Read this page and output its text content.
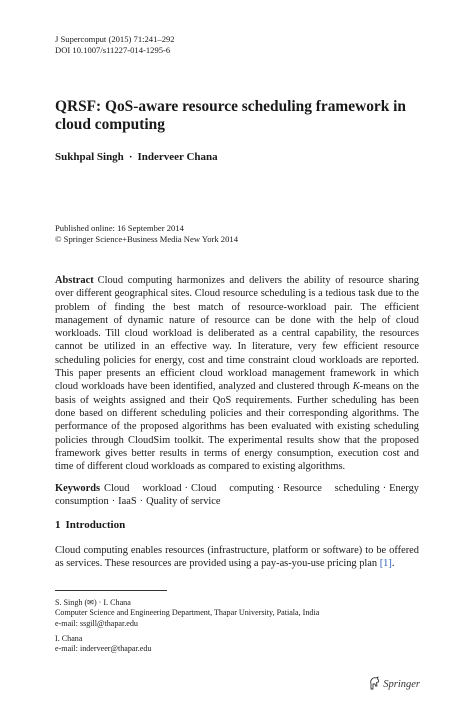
J Supercomput (2015) 71:241–292
DOI 10.1007/s11227-014-1295-6
QRSF: QoS-aware resource scheduling framework in cloud computing
Sukhpal Singh · Inderveer Chana
Published online: 16 September 2014
© Springer Science+Business Media New York 2014

Abstract Cloud computing harmonizes and delivers the ability of resource sharing over different geographical sites. Cloud resource scheduling is a tedious task due to the problem of finding the best match of resource-workload pair. The efficient management of dynamic nature of resource can be done with the help of cloud workloads. Till cloud workload is deliberated as a central capability, the resources cannot be utilized in an effective way. In literature, very few efficient resource scheduling policies for energy, cost and time constraint cloud workloads are reported. This paper presents an efficient cloud workload management framework in which cloud workloads have been identified, analyzed and clustered through K-means on the basis of weights assigned and their QoS requirements. Further scheduling has been done based on different scheduling policies and their corresponding algorithms. The performance of the proposed algorithms has been evaluated with existing scheduling policies through CloudSim toolkit. The experimental results show that the proposed framework gives better results in terms of energy consumption, execution cost and time of different cloud workloads as compared to existing algorithms.

Keywords Cloud workload · Cloud computing · Resource scheduling · Energy consumption · IaaS · Quality of service

1 Introduction

Cloud computing enables resources (infrastructure, platform or software) to be offered as services. These resources are provided using a pay-as-you-use pricing plan [1].

S. Singh (✉) · I. Chana
Computer Science and Engineering Department, Thapar University, Patiala, India
e-mail: ssgill@thapar.edu
I. Chana
e-mail: inderveer@thapar.edu
Springer
